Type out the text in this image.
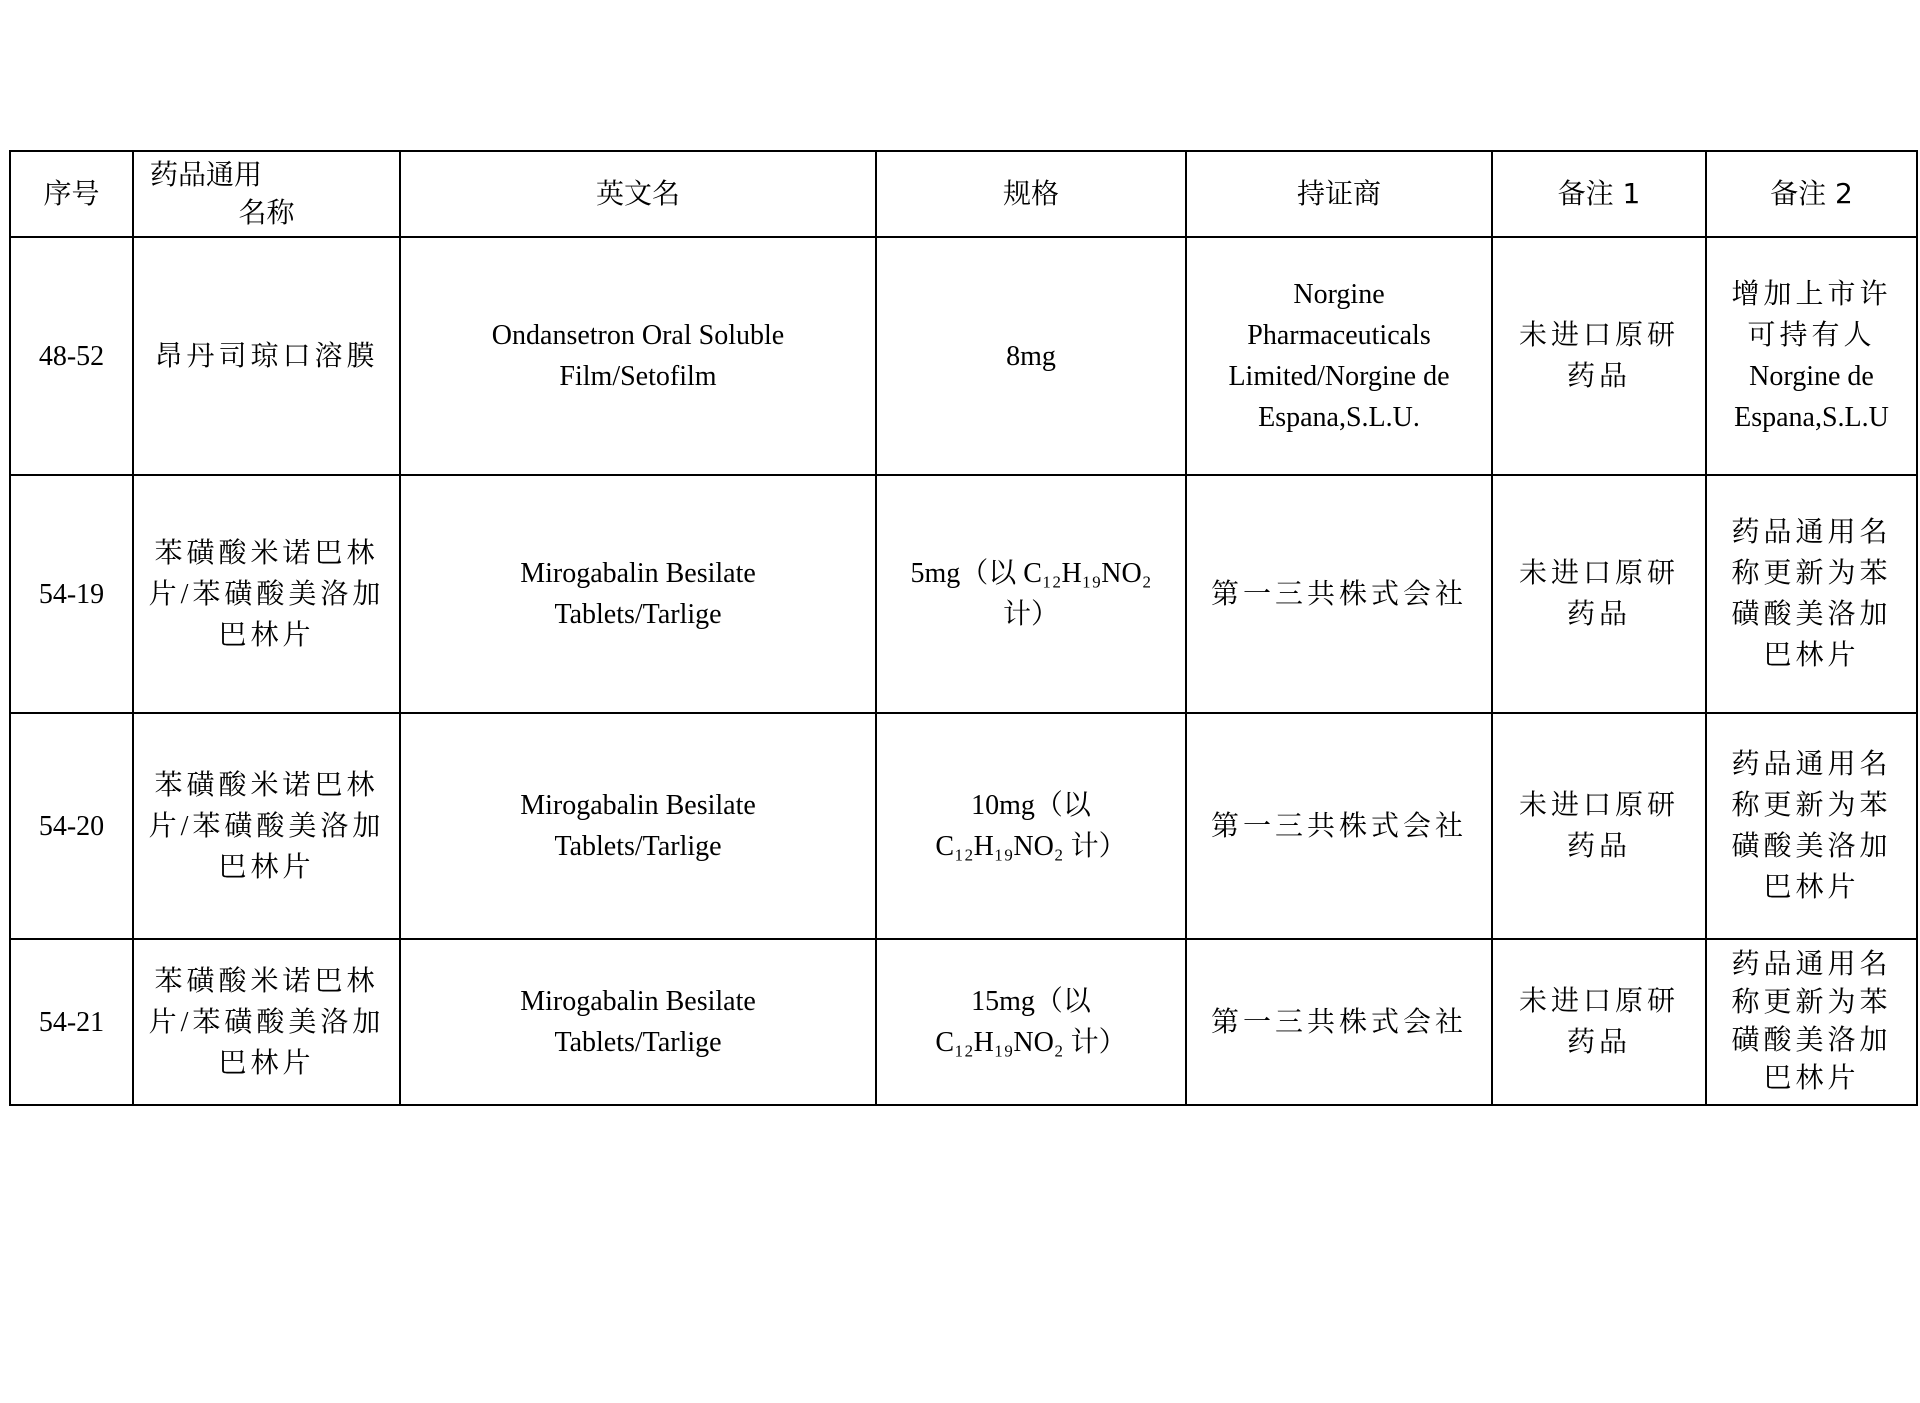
序号	药品通用
名称	英文名	规格	持证商	备注 1	备注 2
48-52	昂丹司琼口溶膜	Ondansetron Oral Soluble
Film/Setofilm	8mg	Norgine
Pharmaceuticals
Limited/Norgine de
Espana,S.L.U.	未进口原研
药品	增加上市许
可持有人
Norgine de
Espana,S.L.U

54-19	苯磺酸米诺巴林
片/苯磺酸美洛加
巴林片	Mirogabalin Besilate
Tablets/Tarlige	5mg（以 C₁₂H₁₉NO₂
计）	第一三共株式会社	未进口原研
药品	药品通用名
称更新为苯
磺酸美洛加
巴林片

54-20	苯磺酸米诺巴林
片/苯磺酸美洛加
巴林片	Mirogabalin Besilate
Tablets/Tarlige	10mg（以
C₁₂H₁₉NO₂ 计）	第一三共株式会社	未进口原研
药品	药品通用名
称更新为苯
磺酸美洛加
巴林片

54-21	苯磺酸米诺巴林
片/苯磺酸美洛加
巴林片	Mirogabalin Besilate
Tablets/Tarlige	15mg（以
C₁₂H₁₉NO₂ 计）	第一三共株式会社	未进口原研
药品	药品通用名
称更新为苯
磺酸美洛加
巴林片
